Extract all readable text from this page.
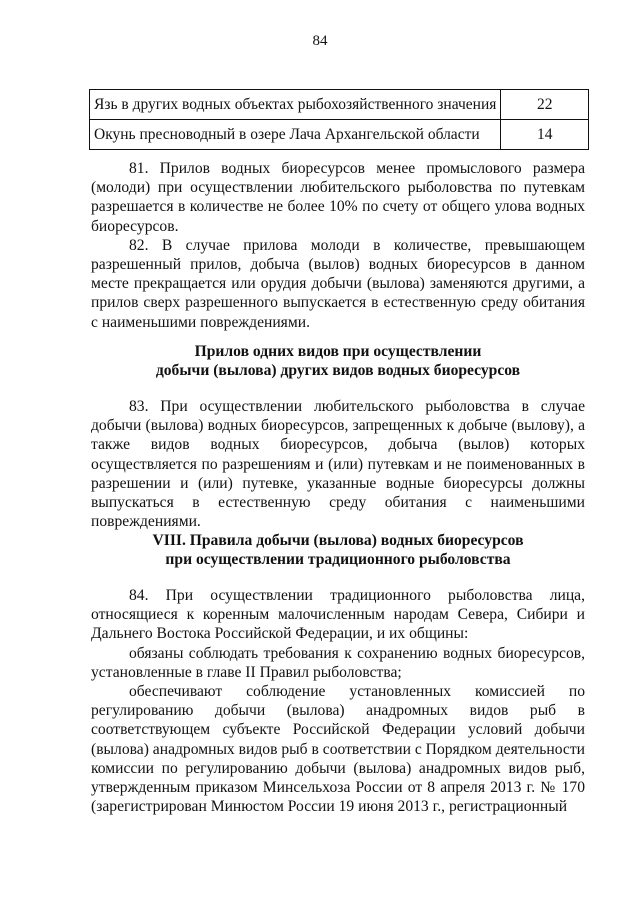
84
Язь в других водных объектах рыбохозяйственного значения	22
Окунь пресноводный в озере Лача Архангельской области	14

81. Прилов водных биоресурсов менее промыслового размера (молоди) при осуществлении любительского рыболовства по путевкам разрешается в количестве не более 10% по счету от общего улова водных биоресурсов.

82. В случае прилова молоди в количестве, превышающем разрешенный прилов, добыча (вылов) водных биоресурсов в данном месте прекращается или орудия добычи (вылова) заменяются другими, а прилов сверх разрешенного выпускается в естественную среду обитания с наименьшими повреждениями.

Прилов одних видов при осуществлении
добычи (вылова) других видов водных биоресурсов

83. При осуществлении любительского рыболовства в случае добычи (вылова) водных биоресурсов, запрещенных к добыче (вылову), а также видов водных биоресурсов, добыча (вылов) которых осуществляется по разрешениям и (или) путевкам и не поименованных в разрешении и (или) путевке, указанные водные биоресурсы должны выпускаться в естественную среду обитания с наименьшими повреждениями.

VIII. Правила добычи (вылова) водных биоресурсов
при осуществлении традиционного рыболовства

84. При осуществлении традиционного рыболовства лица, относящиеся к коренным малочисленным народам Севера, Сибири и Дальнего Востока Российской Федерации, и их общины:

обязаны соблюдать требования к сохранению водных биоресурсов, установленные в главе II Правил рыболовства;

обеспечивают соблюдение установленных комиссией по регулированию добычи (вылова) анадромных видов рыб в соответствующем субъекте Российской Федерации условий добычи (вылова) анадромных видов рыб в соответствии с Порядком деятельности комиссии по регулированию добычи (вылова) анадромных видов рыб, утвержденным приказом Минсельхоза России от 8 апреля 2013 г. № 170 (зарегистрирован Минюстом России 19 июня 2013 г., регистрационный
